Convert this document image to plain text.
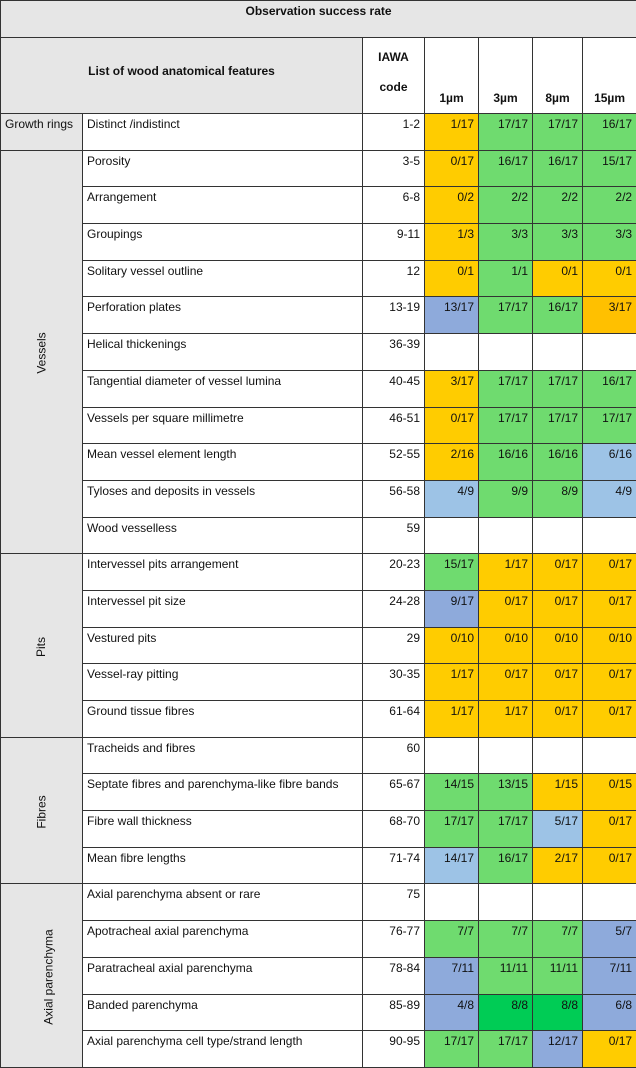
Observation success rate						
List of wood anatomical features		IAWA
code	1µm	3µm	8µm	15µm
Growth rings	Distinct /indistinct	1-2	1/17	17/17	17/17	16/17
Vessels	Porosity	3-5	0/17	16/17	16/17	15/17
	Arrangement	6-8	0/2	2/2	2/2	2/2
	Groupings	9-11	1/3	3/3	3/3	3/3
	Solitary vessel outline	12	0/1	1/1	0/1	0/1
	Perforation plates	13-19	13/17	17/17	16/17	3/17
	Helical thickenings	36-39				
	Tangential diameter of vessel lumina	40-45	3/17	17/17	17/17	16/17
	Vessels per square millimetre	46-51	0/17	17/17	17/17	17/17
	Mean vessel element length	52-55	2/16	16/16	16/16	6/16
	Tyloses and deposits in vessels	56-58	4/9	9/9	8/9	4/9
	Wood vesselless	59				
Pits	Intervessel pits arrangement	20-23	15/17	1/17	0/17	0/17
	Intervessel pit size	24-28	9/17	0/17	0/17	0/17
	Vestured pits	29	0/10	0/10	0/10	0/10
	Vessel-ray pitting	30-35	1/17	0/17	0/17	0/17
	Ground tissue fibres	61-64	1/17	1/17	0/17	0/17
Fibres	Tracheids and fibres	60				
	Septate fibres and parenchyma-like fibre bands	65-67	14/15	13/15	1/15	0/15
	Fibre wall thickness	68-70	17/17	17/17	5/17	0/17
	Mean fibre lengths	71-74	14/17	16/17	2/17	0/17
Axial parenchyma	Axial parenchyma absent or rare	75				
	Apotracheal axial parenchyma	76-77	7/7	7/7	7/7	5/7
	Paratracheal axial parenchyma	78-84	7/11	11/11	11/11	7/11
	Banded parenchyma	85-89	4/8	8/8	8/8	6/8
	Axial parenchyma cell type/strand length	90-95	17/17	17/17	12/17	0/17
